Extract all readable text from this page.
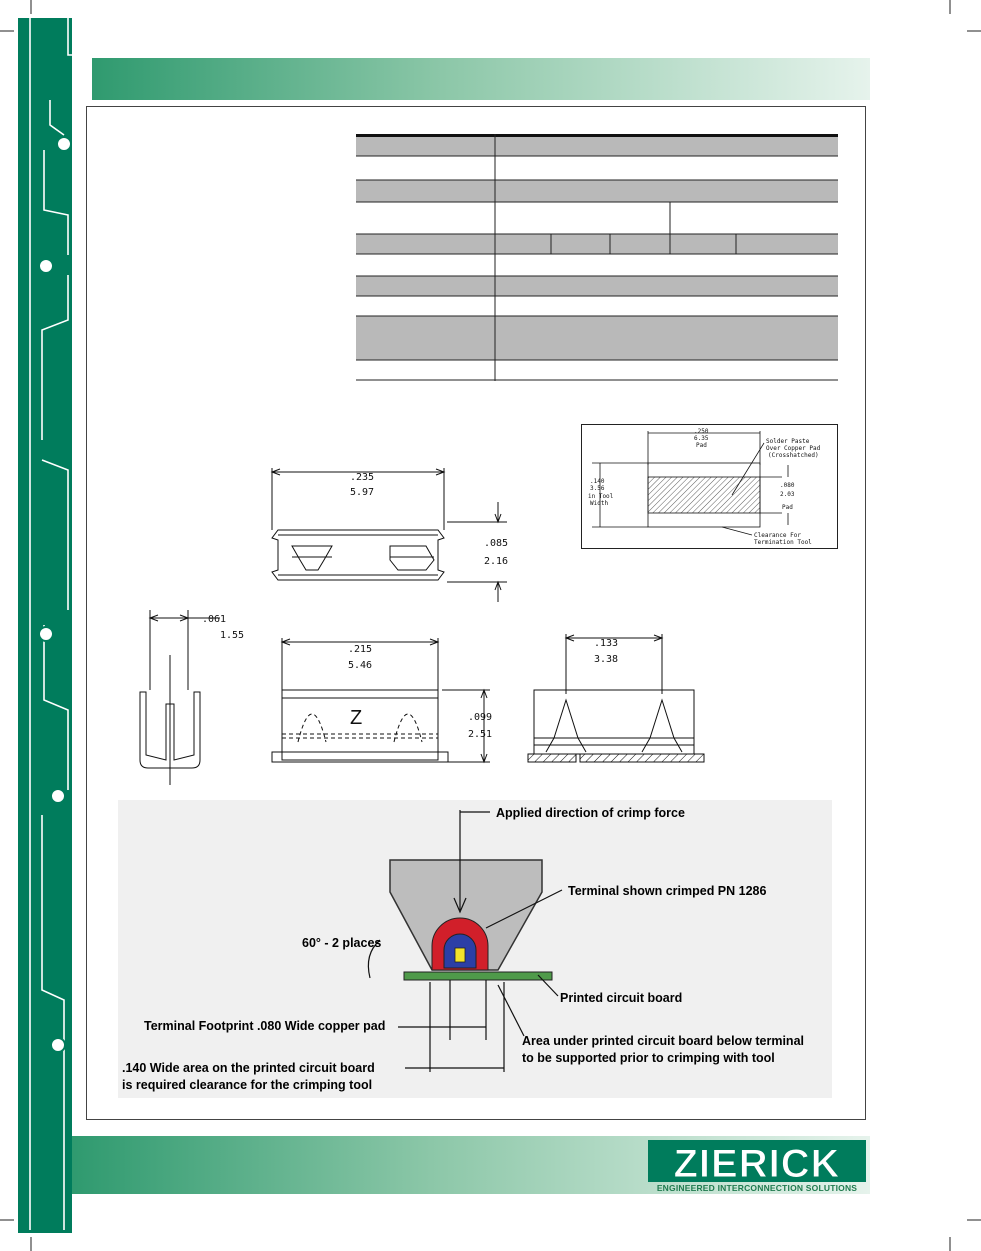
.235
5.97
.085
2.16
.061
1.55
.215
5.46
Z	.099
2.51
.133
3.38
.250
6.35
Pad
.140
3.56
in Tool
Width
.080
2.03
Pad
Solder Paste
Over Copper Pad
(Crosshatched)
Clearance For
Termination Tool
Applied direction of crimp force
Terminal shown crimped PN 1286
60° - 2 places
Printed circuit board
Terminal Footprint .080 Wide copper pad
Area under printed circuit board below terminal
to be supported prior to crimping with tool
.140 Wide area on the printed circuit board
is required clearance for the crimping tool
ZIERICK
ENGINEERED INTERCONNECTION SOLUTIONS
